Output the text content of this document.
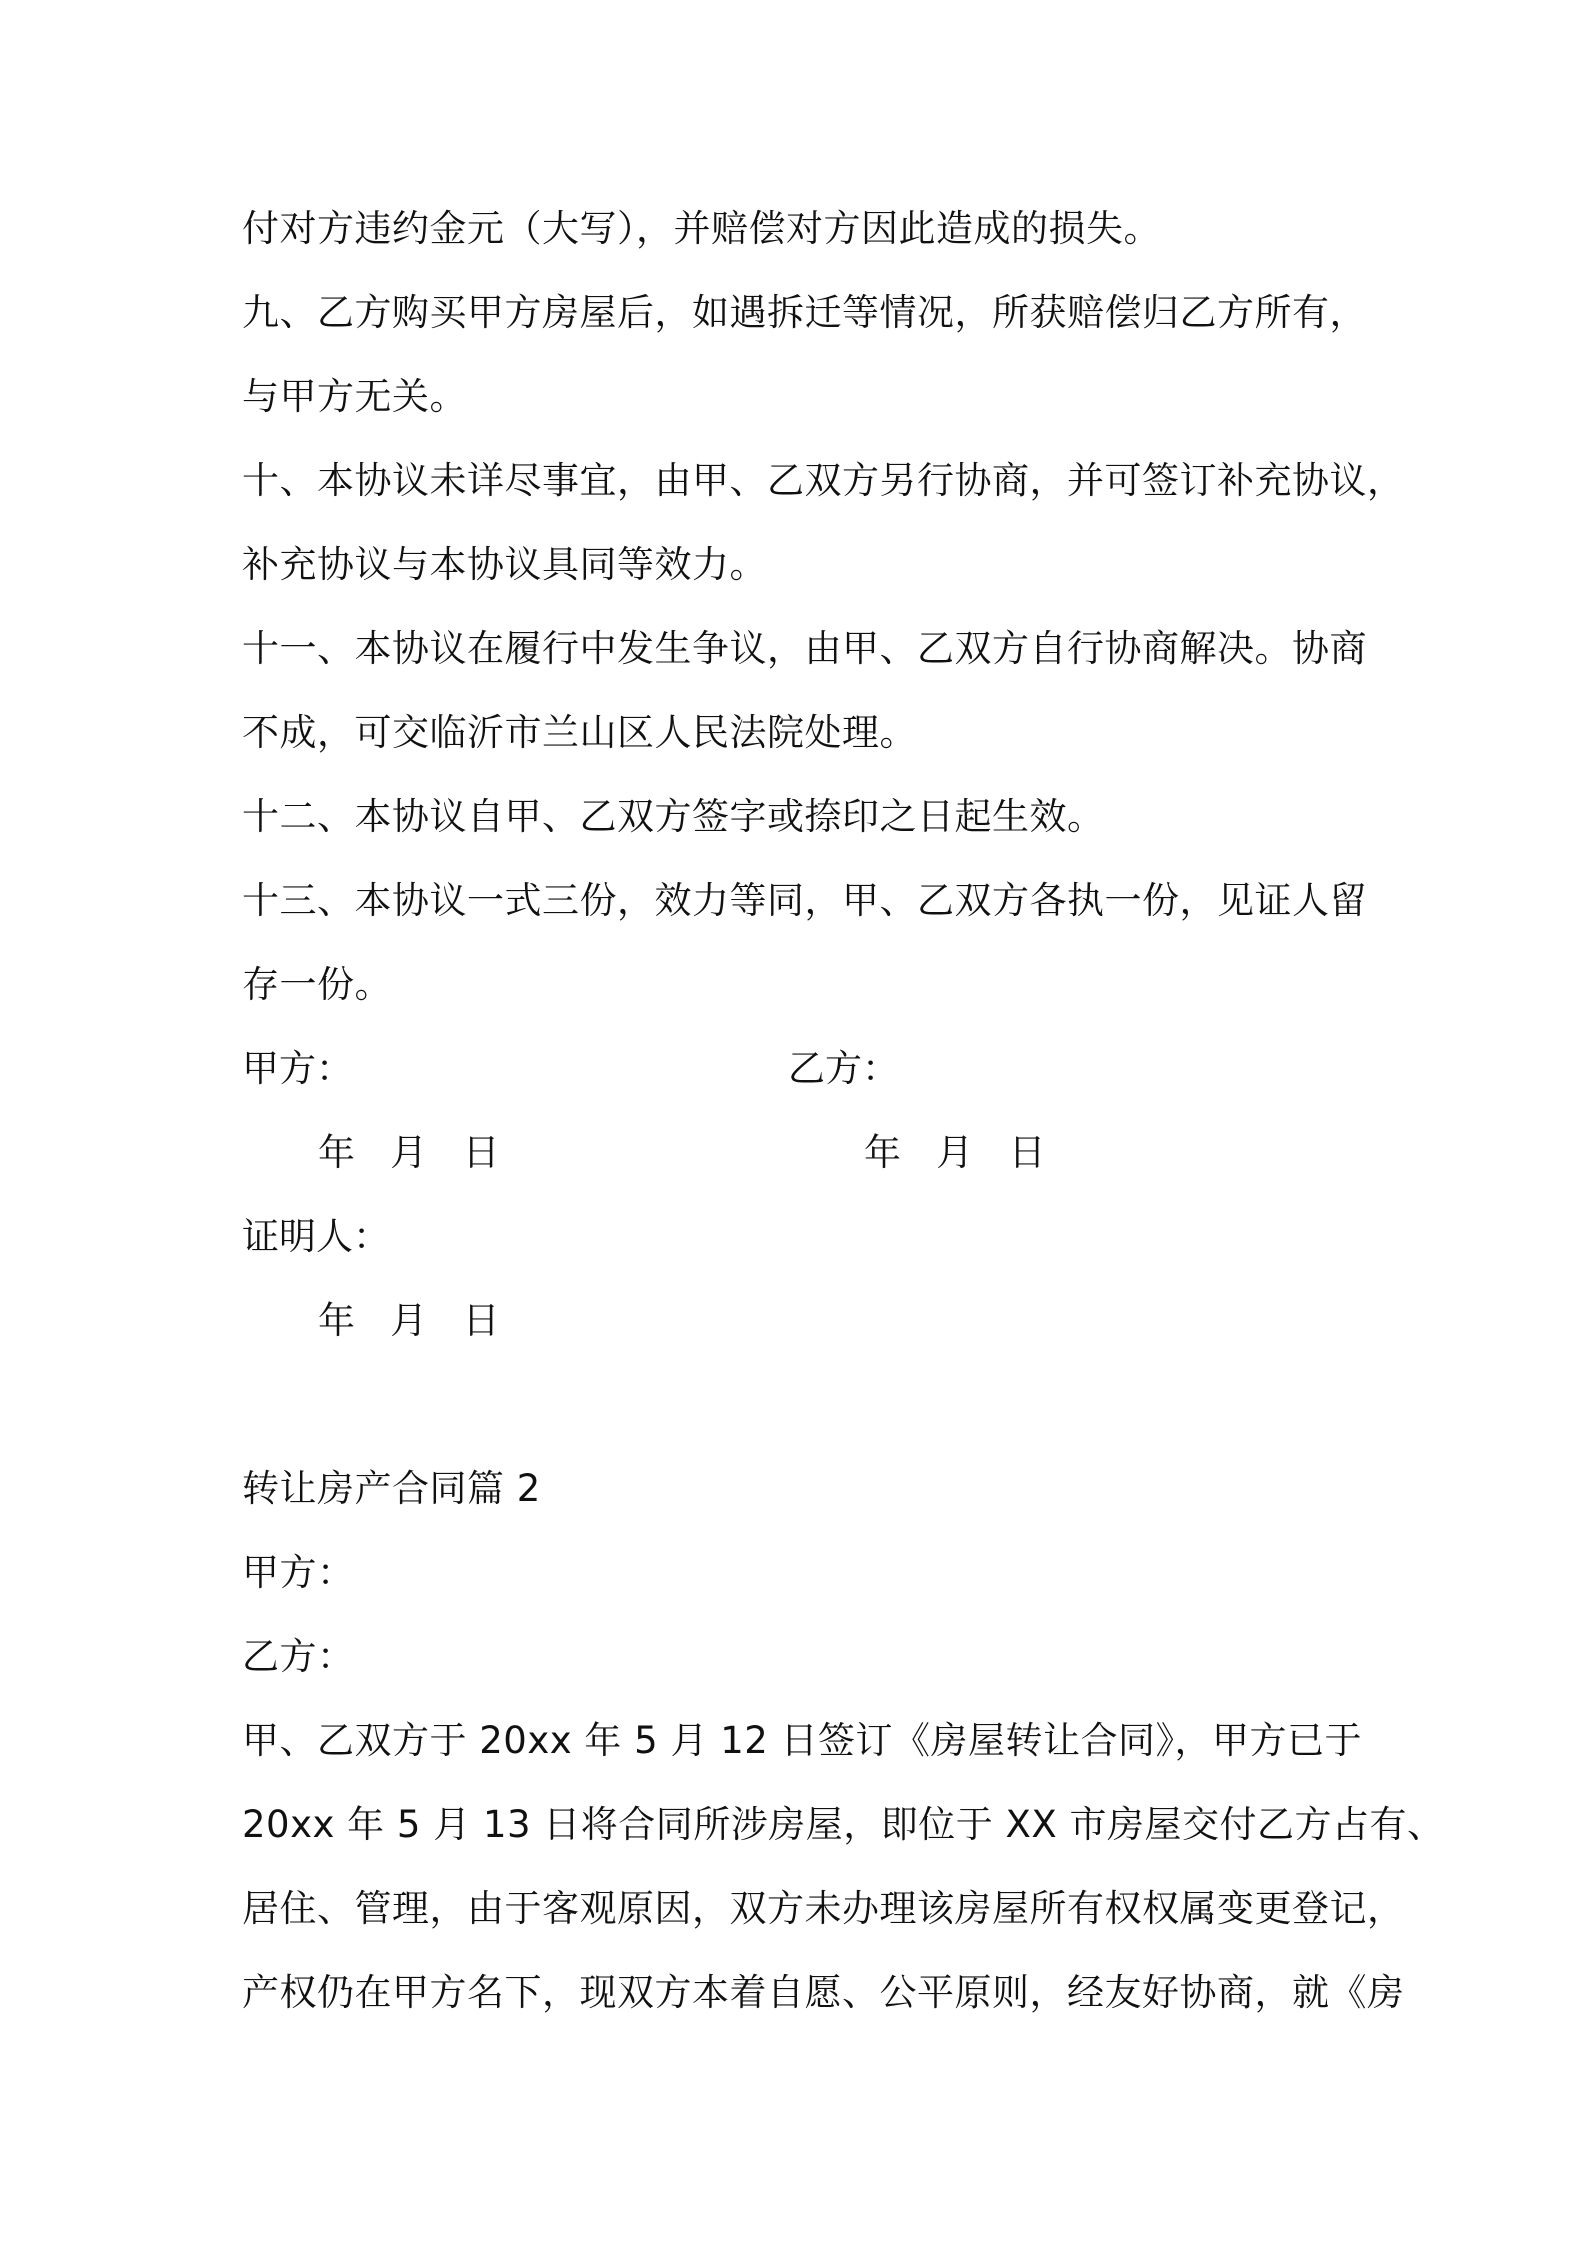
付对方违约金元（大写），并赔偿对方因此造成的损失。
九、乙方购买甲方房屋后，如遇拆迁等情况，所获赔偿归乙方所有，
与甲方无关。
十、本协议未详尽事宜，由甲、乙双方另行协商，并可签订补充协议，
补充协议与本协议具同等效力。
十一、本协议在履行中发生争议，由甲、乙双方自行协商解决。协商
不成，可交临沂市兰山区人民法院处理。
十二、本协议自甲、乙双方签字或捺印之日起生效。
十三、本协议一式三份，效力等同，甲、乙双方各执一份，见证人留
存一份。
甲方：	乙方：
年   月   日	年   月   日
证明人：
年   月   日
转让房产合同篇 2
甲方：
乙方：
甲、乙双方于 20xx 年 5 月 12 日签订《房屋转让合同》，甲方已于
20xx 年 5 月 13 日将合同所涉房屋，即位于 XX 市房屋交付乙方占有、
居住、管理，由于客观原因，双方未办理该房屋所有权权属变更登记，
产权仍在甲方名下，现双方本着自愿、公平原则，经友好协商，就《房
